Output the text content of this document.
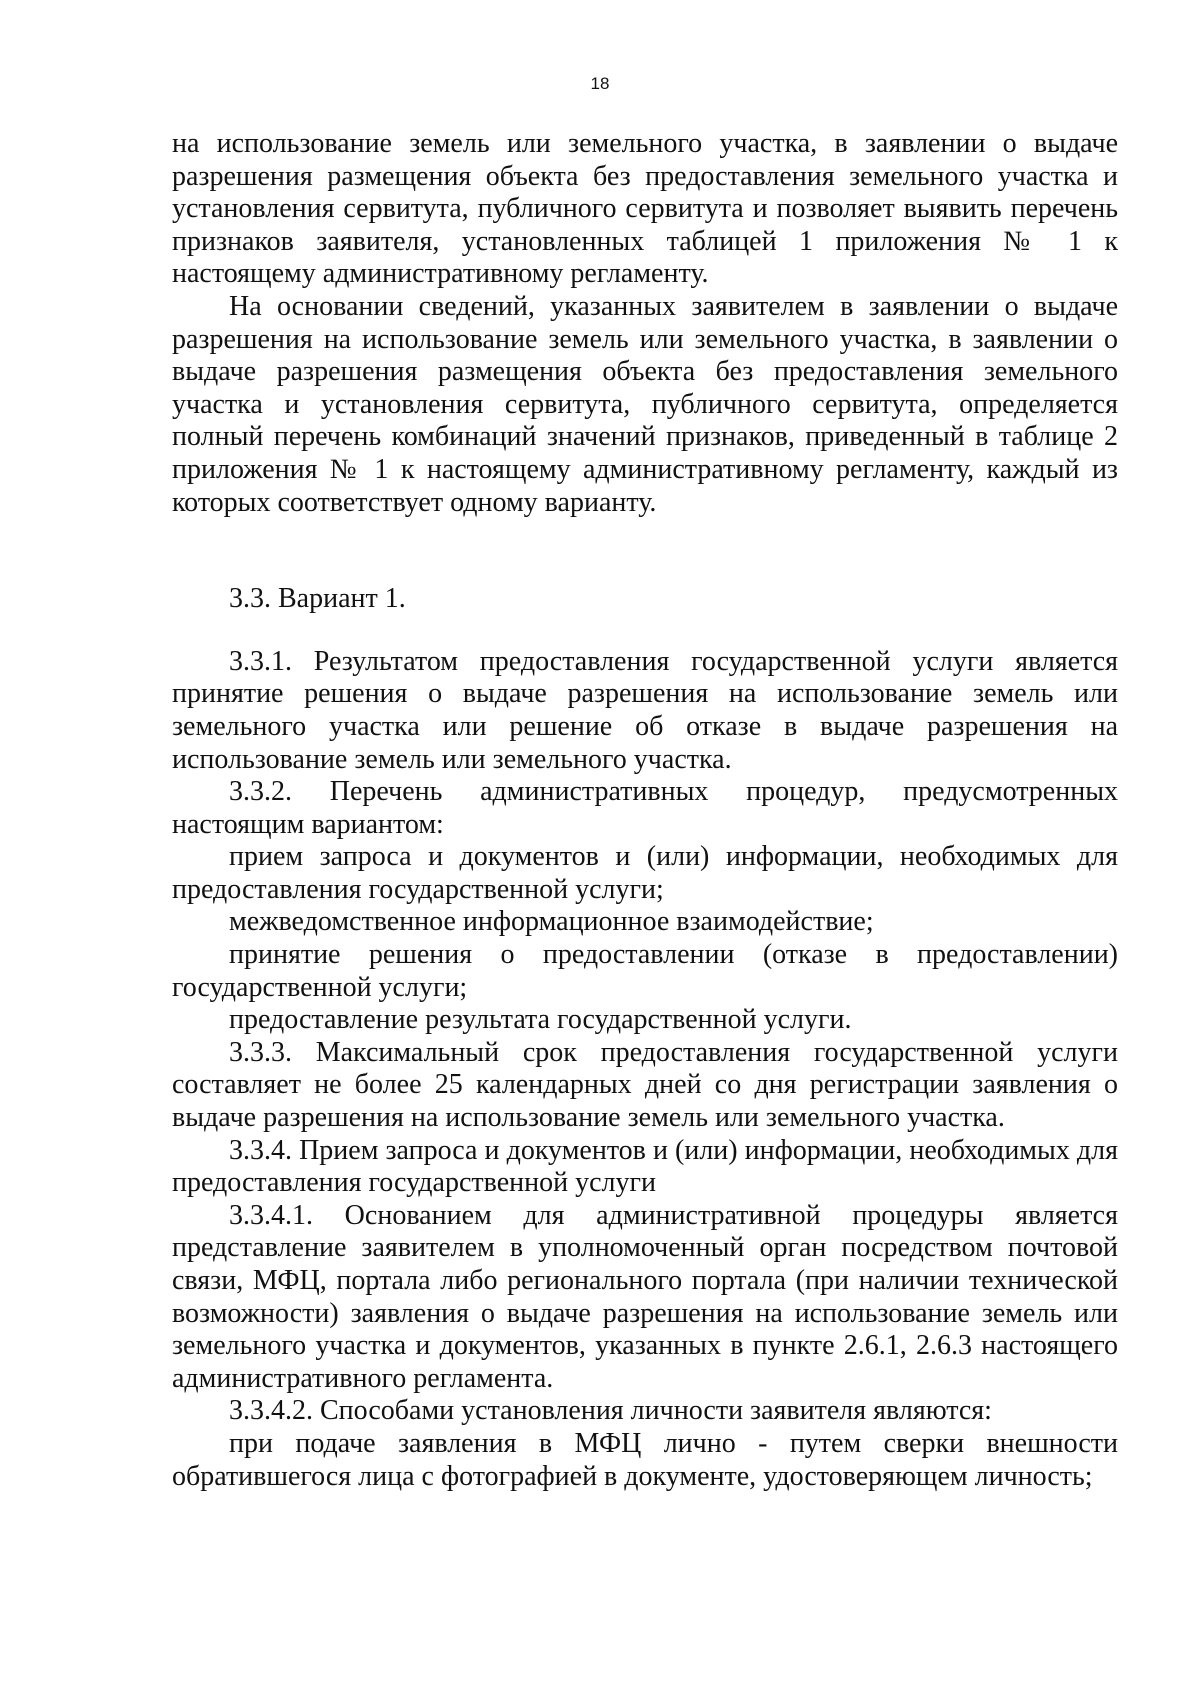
18

на использование земель или земельного участка, в заявлении о выдаче разрешения размещения объекта без предоставления земельного участка и установления сервитута, публичного сервитута и позволяет выявить перечень признаков заявителя, установленных таблицей 1 приложения № 1 к настоящему административному регламенту.

На основании сведений, указанных заявителем в заявлении о выдаче разрешения на использование земель или земельного участка, в заявлении о выдаче разрешения размещения объекта без предоставления земельного участка и установления сервитута, публичного сервитута, определяется полный перечень комбинаций значений признаков, приведенный в таблице 2 приложения № 1 к настоящему административному регламенту, каждый из которых соответствует одному варианту.

3.3. Вариант 1.

3.3.1. Результатом предоставления государственной услуги является принятие решения о выдаче разрешения на использование земель или земельного участка или решение об отказе в выдаче разрешения на использование земель или земельного участка.

3.3.2. Перечень административных процедур, предусмотренных настоящим вариантом:

прием запроса и документов и (или) информации, необходимых для предоставления государственной услуги;

межведомственное информационное взаимодействие;

принятие решения о предоставлении (отказе в предоставлении) государственной услуги;

предоставление результата государственной услуги.

3.3.3. Максимальный срок предоставления государственной услуги составляет не более 25 календарных дней со дня регистрации заявления о выдаче разрешения на использование земель или земельного участка.

3.3.4. Прием запроса и документов и (или) информации, необходимых для предоставления государственной услуги

3.3.4.1. Основанием для административной процедуры является представление заявителем в уполномоченный орган посредством почтовой связи, МФЦ, портала либо регионального портала (при наличии технической возможности) заявления о выдаче разрешения на использование земель или земельного участка и документов, указанных в пункте 2.6.1, 2.6.3 настоящего административного регламента.

3.3.4.2. Способами установления личности заявителя являются:

при подаче заявления в МФЦ лично - путем сверки внешности обратившегося лица с фотографией в документе, удостоверяющем личность;
